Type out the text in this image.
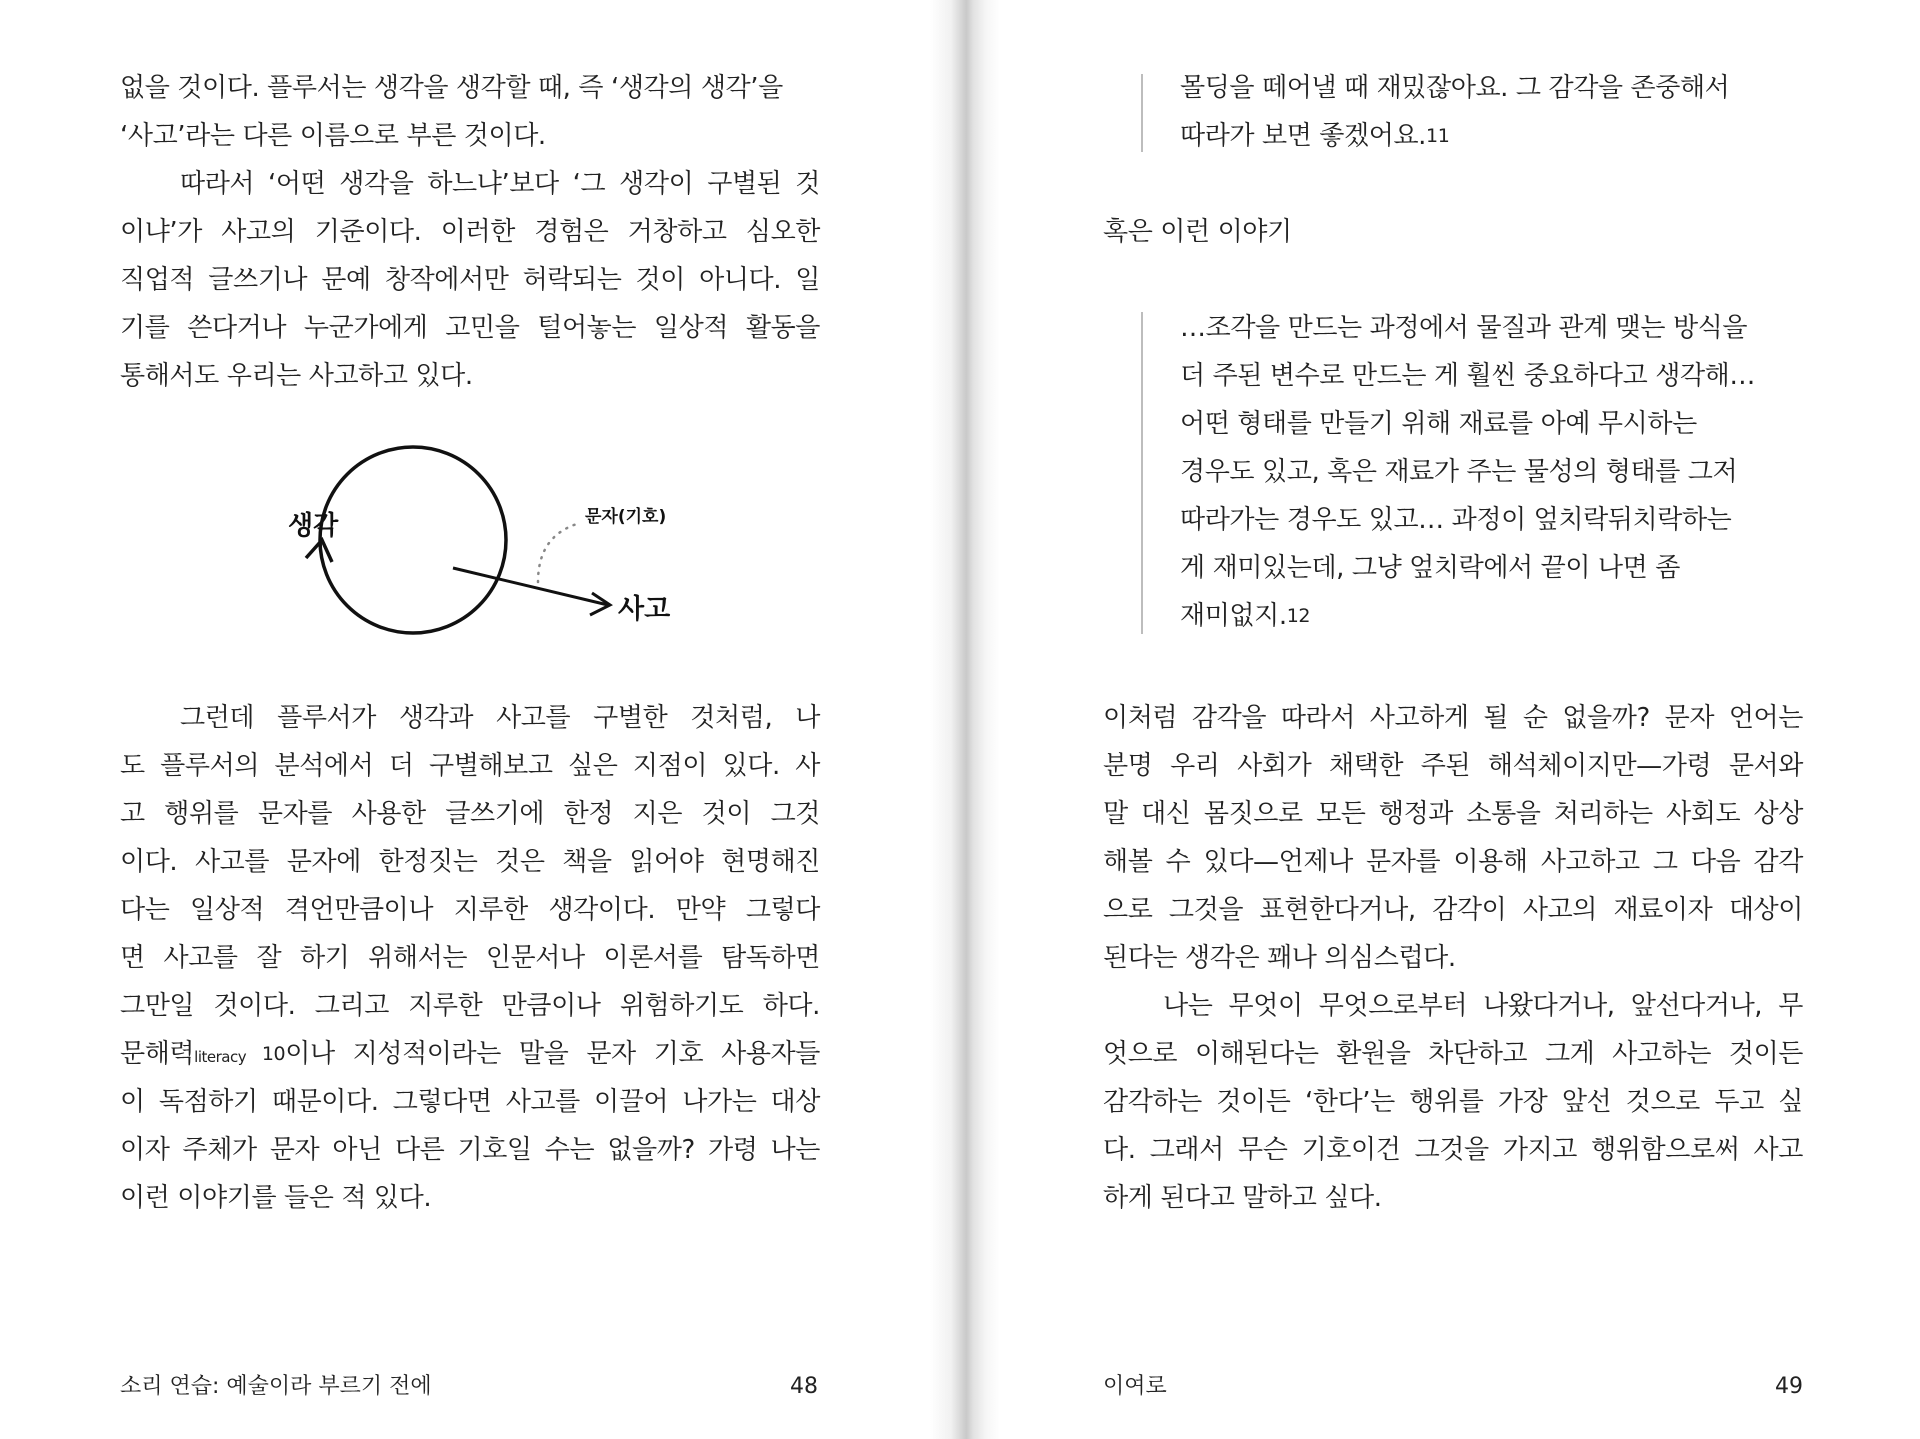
없을 것이다. 플루서는 생각을 생각할 때, 즉 ‘생각의 생각’을
‘사고’라는 다른 이름으로 부른 것이다.
따라서 ‘어떤 생각을 하느냐’보다 ‘그 생각이 구별된 것
이냐’가 사고의 기준이다. 이러한 경험은 거창하고 심오한
직업적 글쓰기나 문예 창작에서만 허락되는 것이 아니다. 일
기를 쓴다거나 누군가에게 고민을 털어놓는 일상적 활동을
통해서도 우리는 사고하고 있다.
생각	문자(기호)
사고
그런데 플루서가 생각과 사고를 구별한 것처럼, 나
도 플루서의 분석에서 더 구별해보고 싶은 지점이 있다. 사
고 행위를 문자를 사용한 글쓰기에 한정 지은 것이 그것
이다. 사고를 문자에 한정짓는 것은 책을 읽어야 현명해진
다는 일상적 격언만큼이나 지루한 생각이다. 만약 그렇다
면 사고를 잘 하기 위해서는 인문서나 이론서를 탐독하면
그만일 것이다. 그리고 지루한 만큼이나 위험하기도 하다.
문해력literacy 10이나 지성적이라는 말을 문자 기호 사용자들
이 독점하기 때문이다. 그렇다면 사고를 이끌어 나가는 대상
이자 주체가 문자 아닌 다른 기호일 수는 없을까? 가령 나는
이런 이야기를 들은 적 있다.
소리 연습: 예술이라 부르기 전에	48
몰딩을 떼어낼 때 재밌잖아요. 그 감각을 존중해서
따라가 보면 좋겠어요.11
혹은 이런 이야기
…조각을 만드는 과정에서 물질과 관계 맺는 방식을
더 주된 변수로 만드는 게 훨씬 중요하다고 생각해…
어떤 형태를 만들기 위해 재료를 아예 무시하는
경우도 있고, 혹은 재료가 주는 물성의 형태를 그저
따라가는 경우도 있고… 과정이 엎치락뒤치락하는
게 재미있는데, 그냥 엎치락에서 끝이 나면 좀
재미없지.12
이처럼 감각을 따라서 사고하게 될 순 없을까? 문자 언어는
분명 우리 사회가 채택한 주된 해석체이지만—가령 문서와
말 대신 몸짓으로 모든 행정과 소통을 처리하는 사회도 상상
해볼 수 있다—언제나 문자를 이용해 사고하고 그 다음 감각
으로 그것을 표현한다거나, 감각이 사고의 재료이자 대상이
된다는 생각은 꽤나 의심스럽다.
나는 무엇이 무엇으로부터 나왔다거나, 앞선다거나, 무
엇으로 이해된다는 환원을 차단하고 그게 사고하는 것이든
감각하는 것이든 ‘한다’는 행위를 가장 앞선 것으로 두고 싶
다. 그래서 무슨 기호이건 그것을 가지고 행위함으로써 사고
하게 된다고 말하고 싶다.
이여로	49
